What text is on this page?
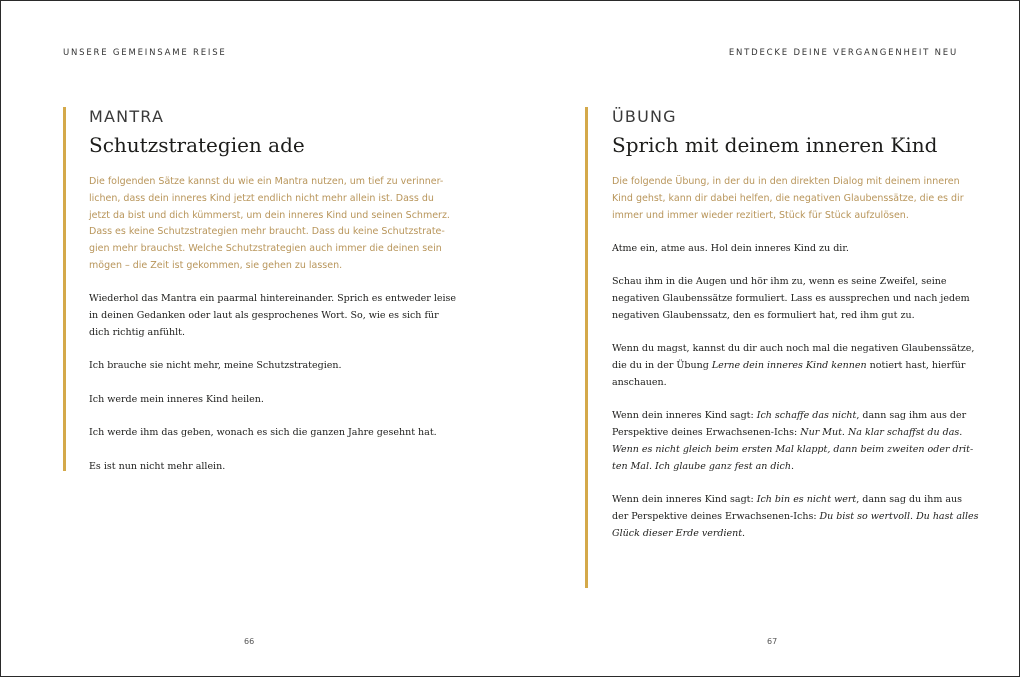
UNSERE GEMEINSAME REISE
MANTRA
Schutzstrategien ade

Die folgenden Sätze kannst du wie ein Mantra nutzen, um tief zu verinner-
lichen, dass dein inneres Kind jetzt endlich nicht mehr allein ist. Dass du
jetzt da bist und dich kümmerst, um dein inneres Kind und seinen Schmerz.
Dass es keine Schutzstrategien mehr braucht. Dass du keine Schutzstrate-
gien mehr brauchst. Welche Schutzstrategien auch immer die deinen sein
mögen – die Zeit ist gekommen, sie gehen zu lassen.

Wiederhol das Mantra ein paarmal hintereinander. Sprich es entweder leise
in deinen Gedanken oder laut als gesprochenes Wort. So, wie es sich für
dich richtig anfühlt.

Ich brauche sie nicht mehr, meine Schutzstrategien.

Ich werde mein inneres Kind heilen.

Ich werde ihm das geben, wonach es sich die ganzen Jahre gesehnt hat.

Es ist nun nicht mehr allein.

66
ENTDECKE DEINE VERGANGENHEIT NEU
ÜBUNG
Sprich mit deinem inneren Kind

Die folgende Übung, in der du in den direkten Dialog mit deinem inneren
Kind gehst, kann dir dabei helfen, die negativen Glaubenssätze, die es dir
immer und immer wieder rezitiert, Stück für Stück aufzulösen.

Atme ein, atme aus. Hol dein inneres Kind zu dir.

Schau ihm in die Augen und hör ihm zu, wenn es seine Zweifel, seine
negativen Glaubenssätze formuliert. Lass es aussprechen und nach jedem
negativen Glaubenssatz, den es formuliert hat, red ihm gut zu.

Wenn du magst, kannst du dir auch noch mal die negativen Glaubenssätze,
die du in der Übung Lerne dein inneres Kind kennen notiert hast, hierfür
anschauen.

Wenn dein inneres Kind sagt: Ich schaffe das nicht, dann sag ihm aus der
Perspektive deines Erwachsenen-Ichs: Nur Mut. Na klar schaffst du das.
Wenn es nicht gleich beim ersten Mal klappt, dann beim zweiten oder drit-
ten Mal. Ich glaube ganz fest an dich.

Wenn dein inneres Kind sagt: Ich bin es nicht wert, dann sag du ihm aus
der Perspektive deines Erwachsenen-Ichs: Du bist so wertvoll. Du hast alles
Glück dieser Erde verdient.

67
